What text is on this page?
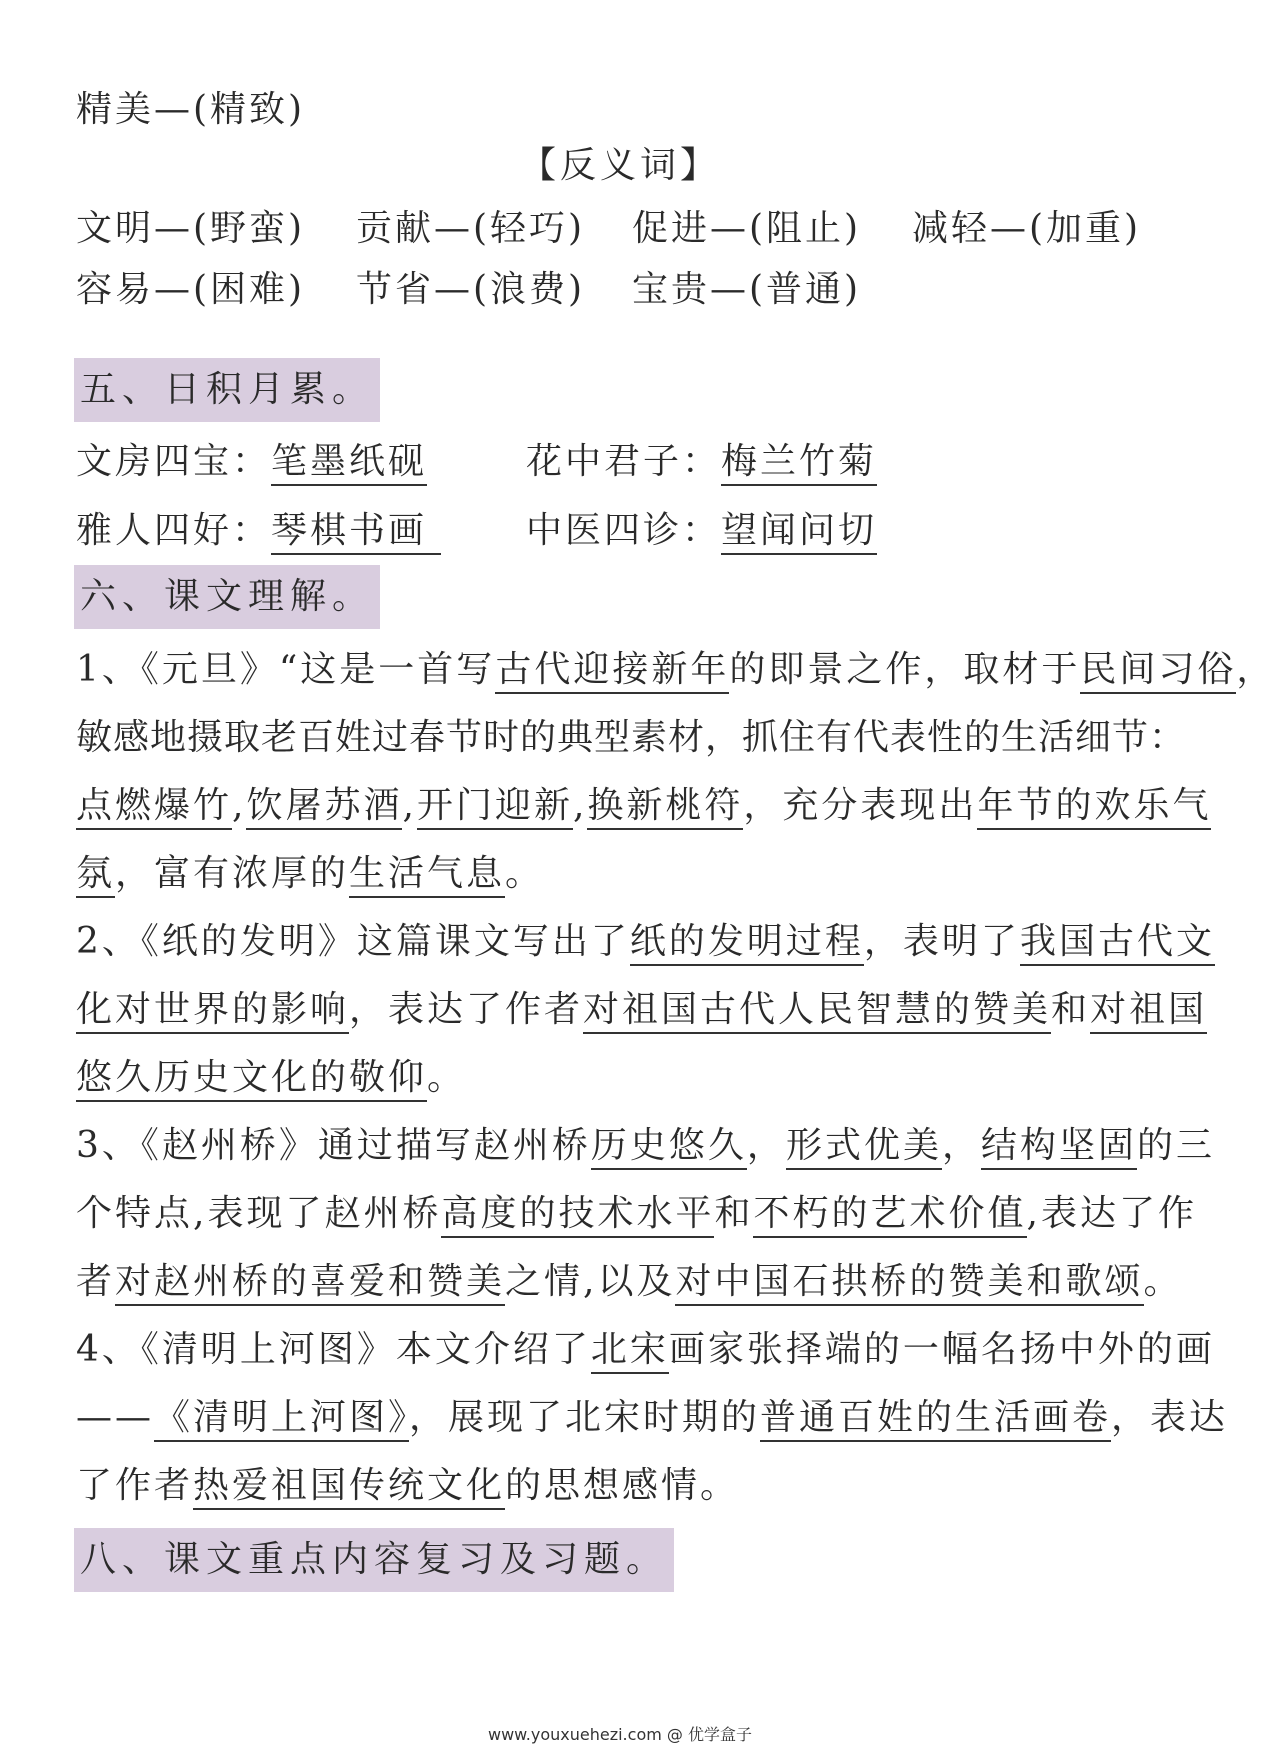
精美—(精致)
【反义词】
文明—(野蛮) 贡献—(轻巧) 促进—(阻止) 减轻—(加重)
容易—(困难) 节省—(浪费) 宝贵—(普通)
五、日积月累。
文房四宝：笔墨纸砚	花中君子：梅兰竹菊
雅人四好：琴棋书画	中医四诊：望闻问切
六、课文理解。
1、《元旦》“这是一首写古代迎接新年的即景之作，取材于民间习俗，
敏感地摄取老百姓过春节时的典型素材，抓住有代表性的生活细节：
点燃爆竹,饮屠苏酒,开门迎新,换新桃符，充分表现出年节的欢乐气
氛，富有浓厚的生活气息。
2、《纸的发明》这篇课文写出了纸的发明过程，表明了我国古代文
化对世界的影响，表达了作者对祖国古代人民智慧的赞美和对祖国
悠久历史文化的敬仰。
3、《赵州桥》通过描写赵州桥历史悠久，形式优美，结构坚固的三
个特点,表现了赵州桥高度的技术水平和不朽的艺术价值,表达了作
者对赵州桥的喜爱和赞美之情,以及对中国石拱桥的赞美和歌颂。
4、《清明上河图》本文介绍了北宋画家张择端的一幅名扬中外的画
——《清明上河图》，展现了北宋时期的普通百姓的生活画卷，表达
了作者热爱祖国传统文化的思想感情。
八、课文重点内容复习及习题。
www.youxuehezi.com @ 优学盒子
